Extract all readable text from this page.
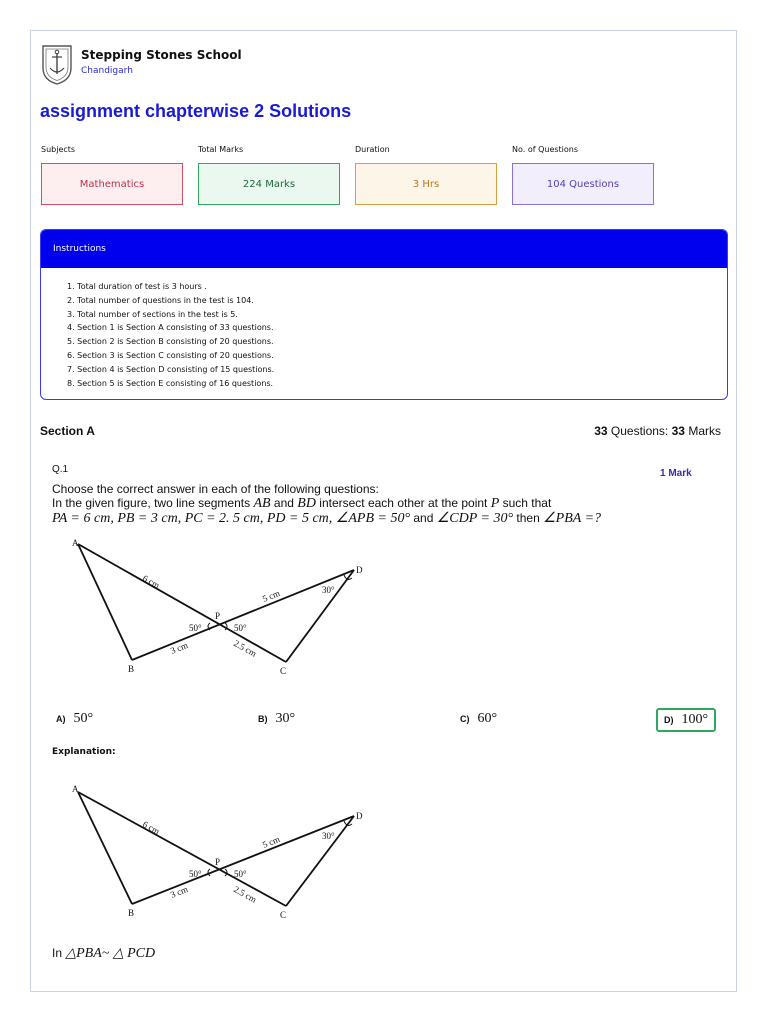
Stepping Stones School
Chandigarh
assignment chapterwise 2 Solutions
Subjects	Total Marks	Duration	No. of Questions
Mathematics	224 Marks	3 Hrs	104 Questions
Instructions
1. Total duration of test is 3 hours .
2. Total number of questions in the test is 104.
3. Total number of sections in the test is 5.
4. Section 1 is Section A consisting of 33 questions.
5. Section 2 is Section B consisting of 20 questions.
6. Section 3 is Section C consisting of 20 questions.
7. Section 4 is Section D consisting of 15 questions.
8. Section 5 is Section E consisting of 16 questions.
Section A	33 Questions: 33 Marks
Q.1	1 Mark
Choose the correct answer in each of the following questions:
In the given figure, two line segments AB and BD intersect each other at the point P such that
PA = 6 cm, PB = 3 cm, PC = 2. 5 cm, PD = 5 cm, ∠APB = 50° and ∠CDP = 30° then ∠PBA =?
A
B	C
D
P
6 cm
5 cm
3 cm	2.5 cm
50°	50°
30°
A) 50°	B) 30°	C) 60°	D) 100°
Explanation:
A
B	C
D
P
6 cm
5 cm
3 cm	2.5 cm
50°	50°
30°
In △PBA~ △ PCD
